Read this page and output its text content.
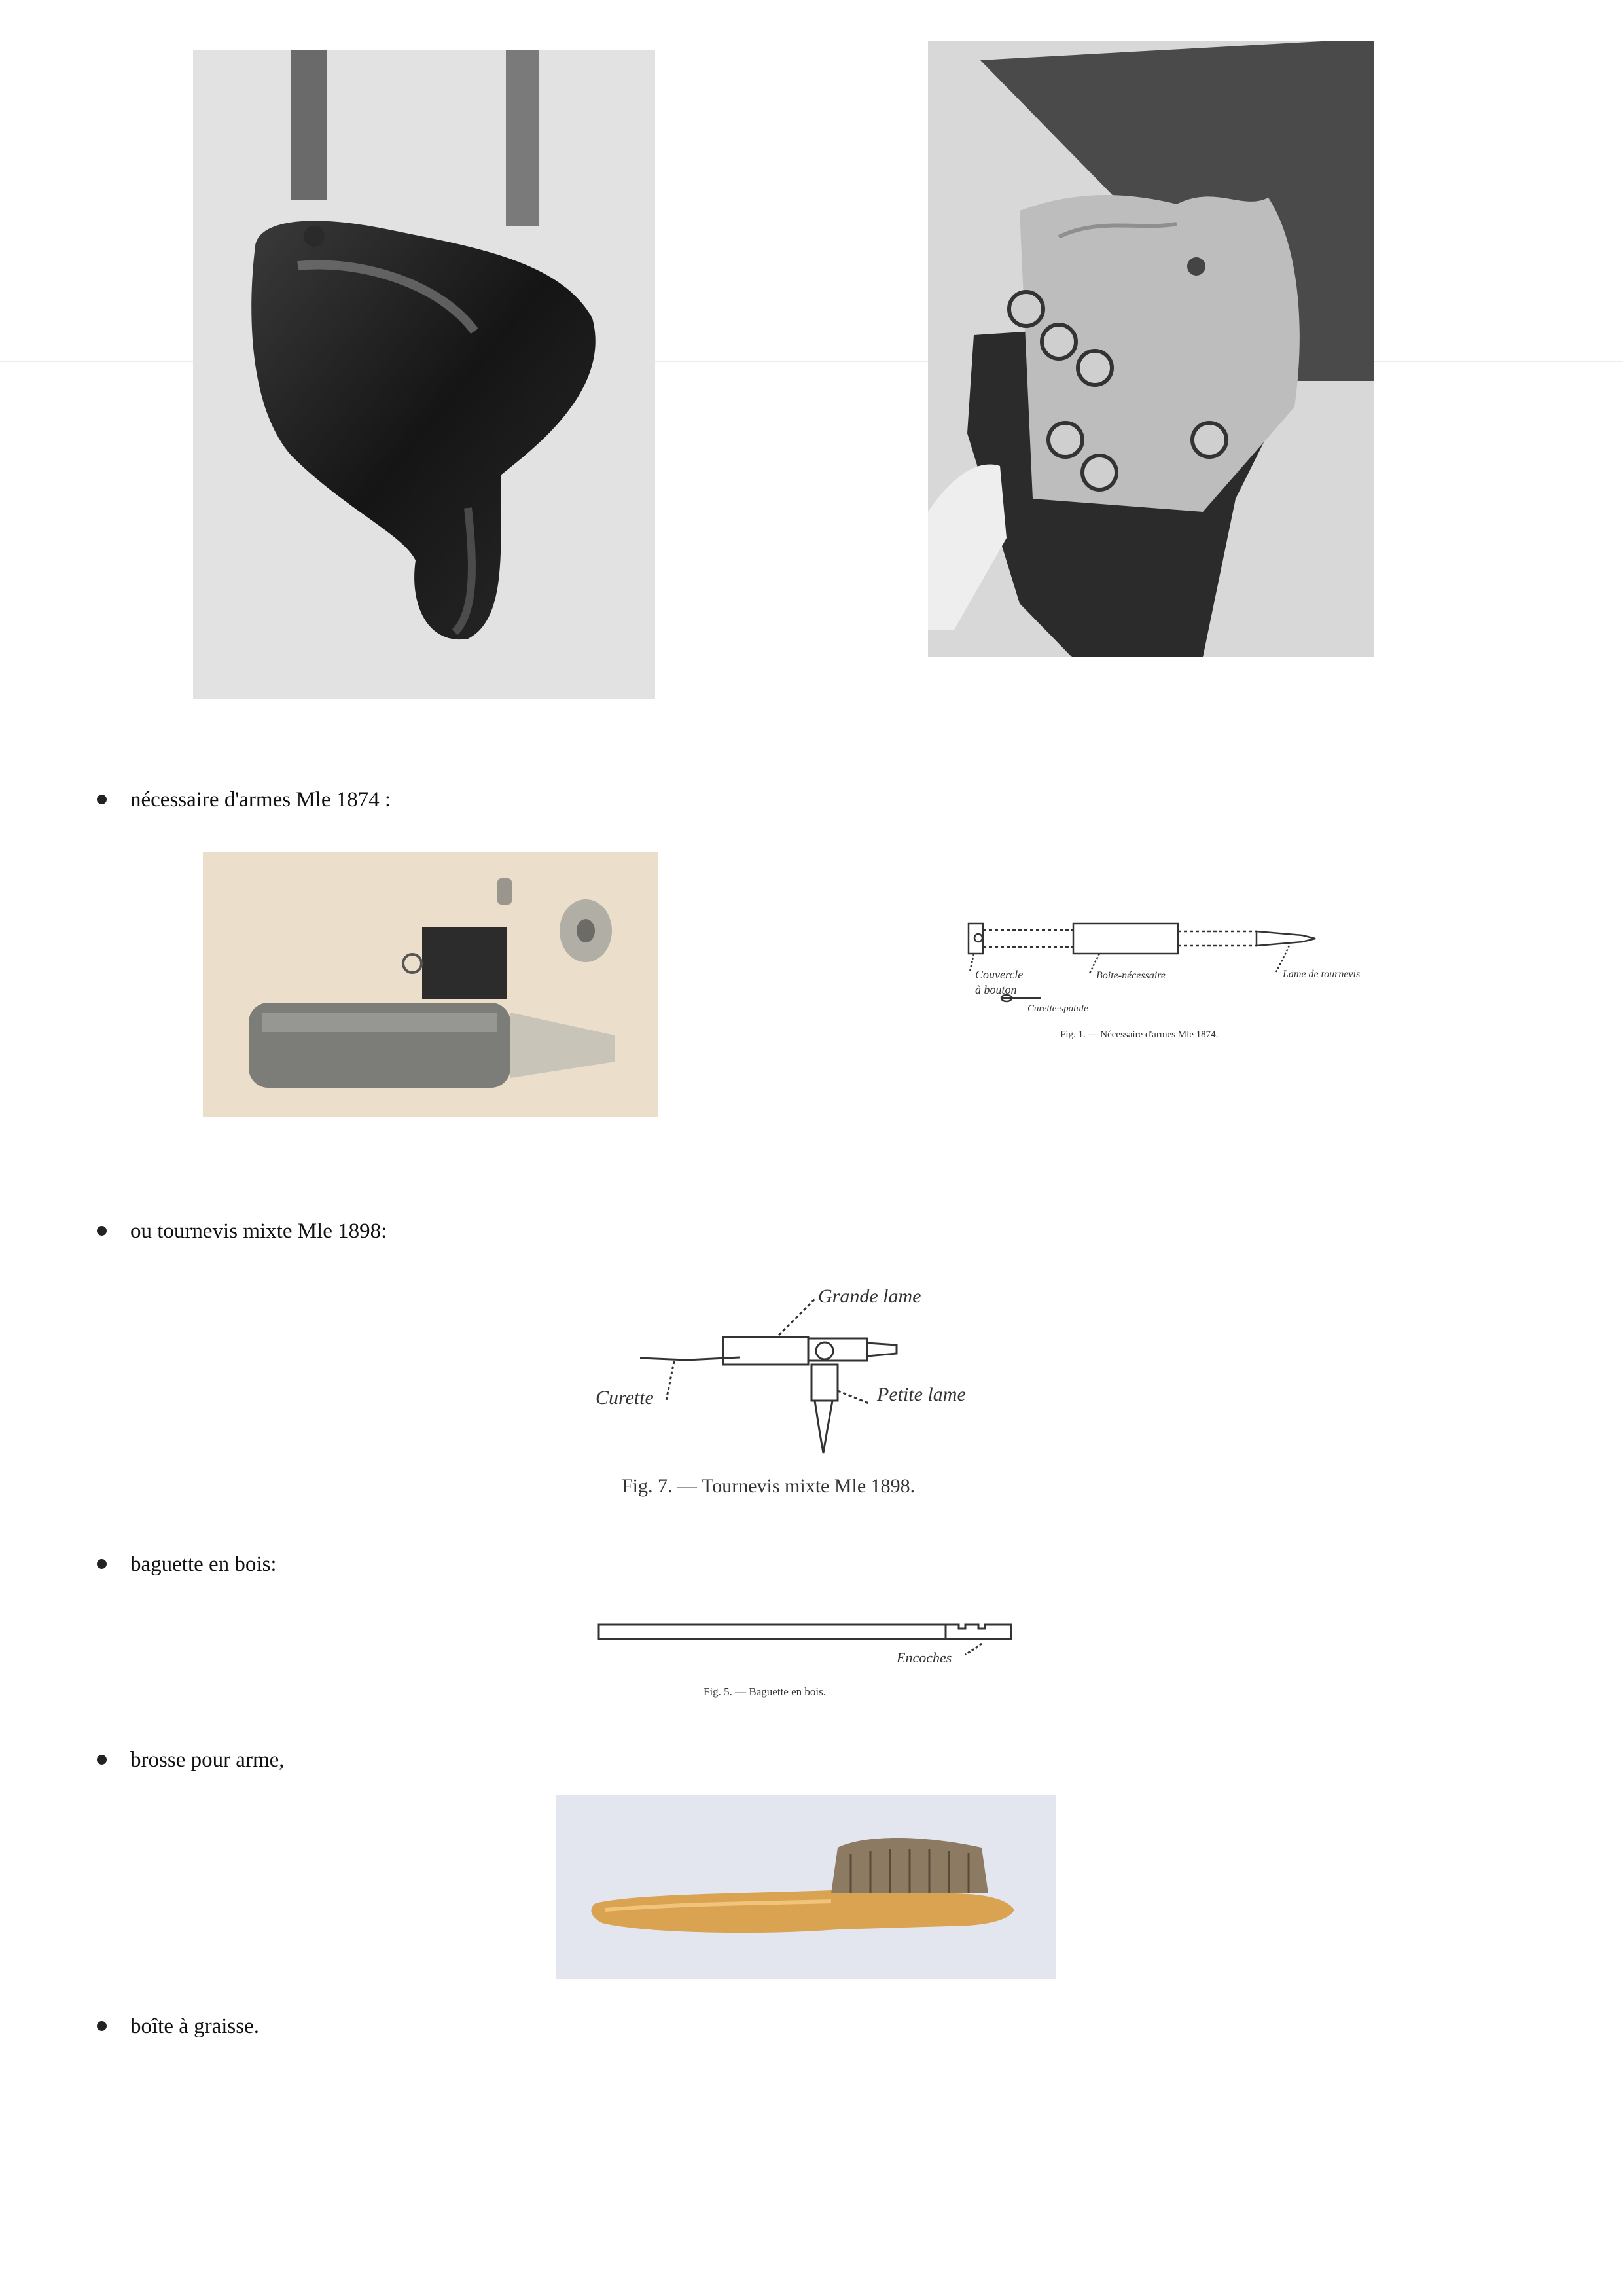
nécessaire d'armes Mle 1874 :
Couvercle
à bouton
Boite-nécessaire	Lame de tournevis
Curette-spatule
Fig. 1. — Nécessaire d'armes Mle 1874.
ou tournevis mixte Mle 1898:
Grande lame
Petite lame
Curette
Fig. 7. — Tournevis mixte Mle 1898.
baguette en bois:
Encoches
Fig. 5. — Baguette en bois.
brosse pour arme,
boîte à graisse.
